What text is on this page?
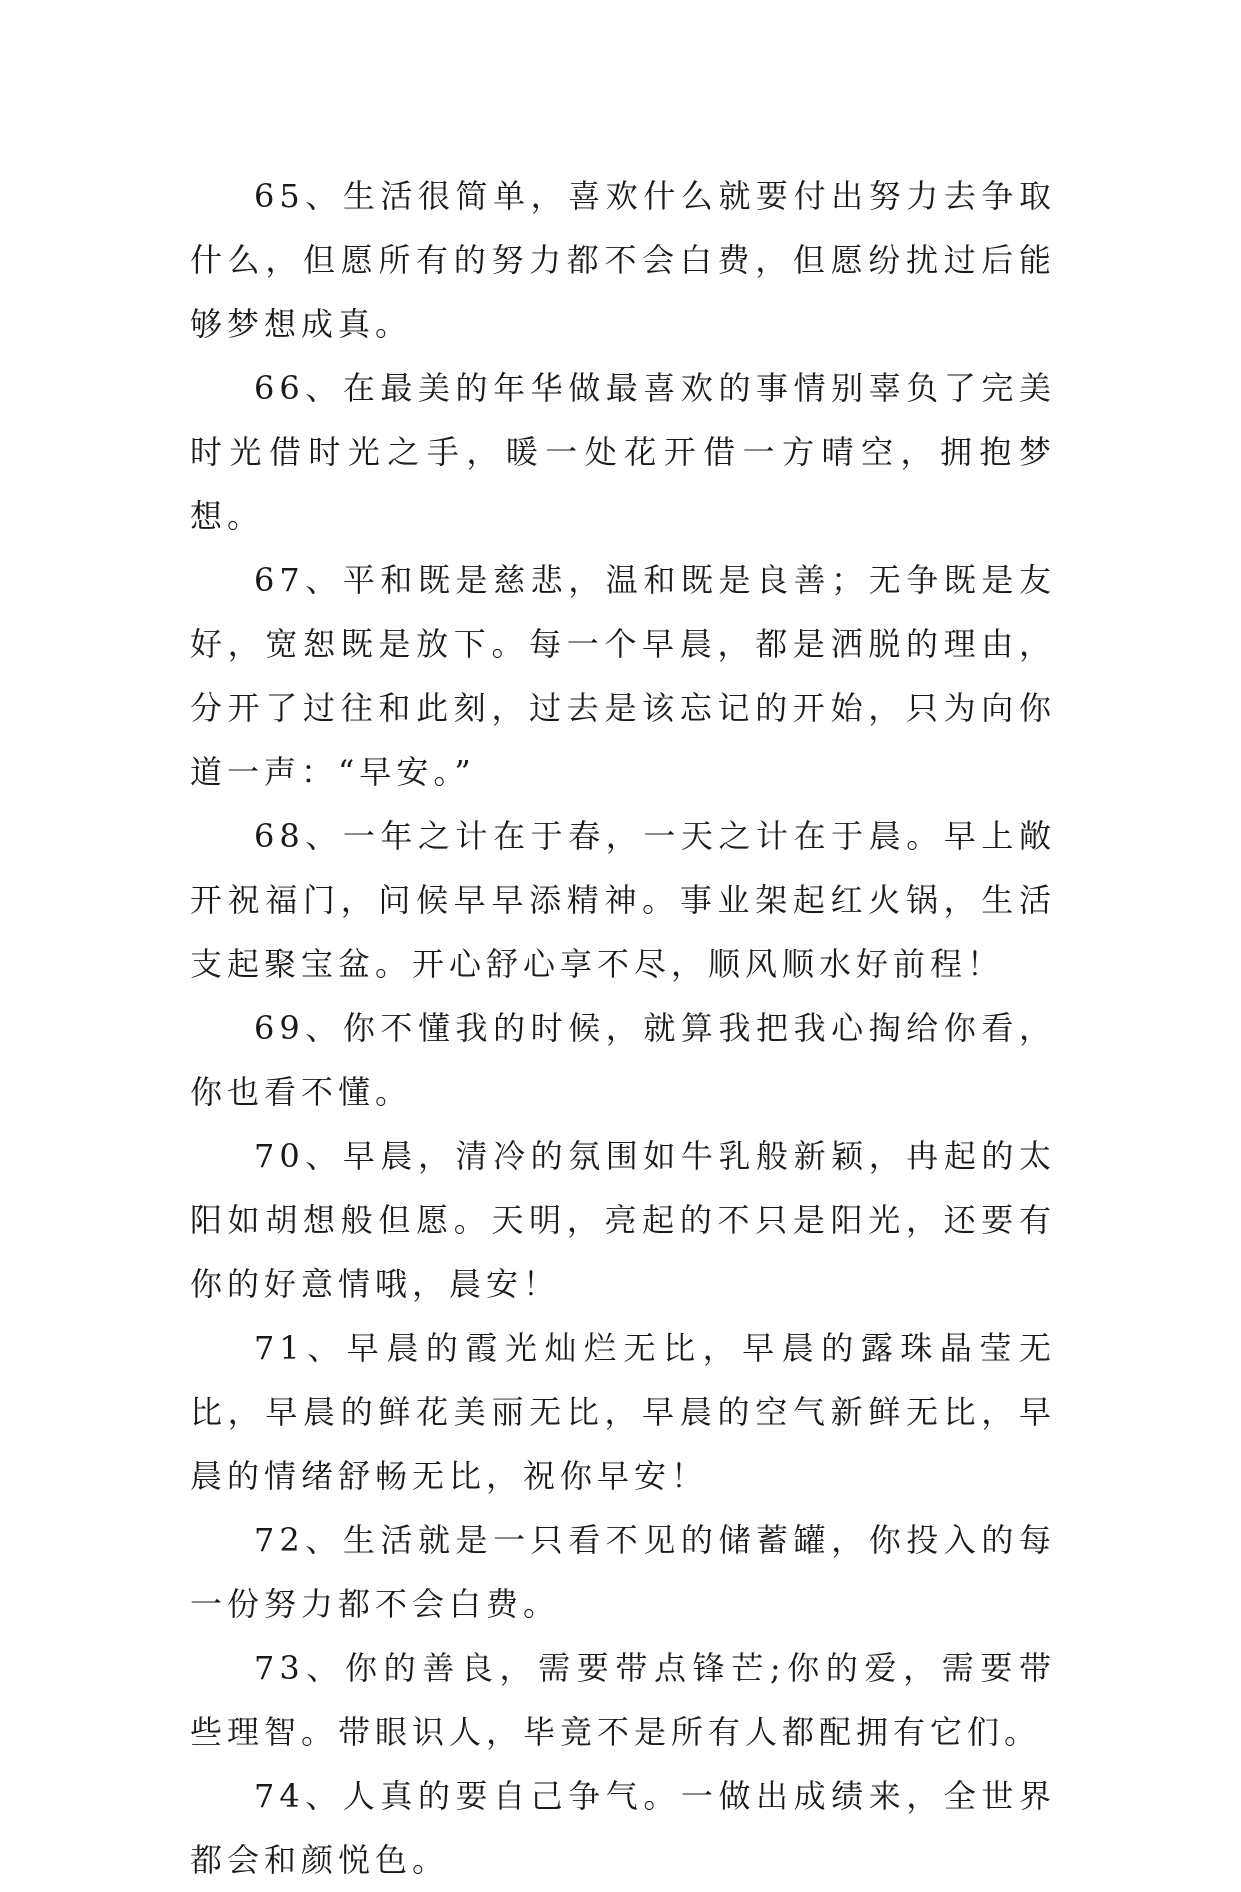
65、生活很简单，喜欢什么就要付出努力去争取什么，但愿所有的努力都不会白费，但愿纷扰过后能够梦想成真。

66、在最美的年华做最喜欢的事情别辜负了完美时光借时光之手，暖一处花开借一方晴空，拥抱梦想。

67、平和既是慈悲，温和既是良善；无争既是友好，宽恕既是放下。每一个早晨，都是洒脱的理由，分开了过往和此刻，过去是该忘记的开始，只为向你道一声：“早安。”

68、一年之计在于春，一天之计在于晨。早上敞开祝福门，问候早早添精神。事业架起红火锅，生活支起聚宝盆。开心舒心享不尽，顺风顺水好前程！

69、你不懂我的时候，就算我把我心掏给你看，你也看不懂。

70、早晨，清冷的氛围如牛乳般新颖，冉起的太阳如胡想般但愿。天明，亮起的不只是阳光，还要有你的好意情哦，晨安！

71、早晨的霞光灿烂无比，早晨的露珠晶莹无比，早晨的鲜花美丽无比，早晨的空气新鲜无比，早晨的情绪舒畅无比，祝你早安！

72、生活就是一只看不见的储蓄罐，你投入的每一份努力都不会白费。

73、你的善良，需要带点锋芒;你的爱，需要带些理智。带眼识人，毕竟不是所有人都配拥有它们。

74、人真的要自己争气。一做出成绩来，全世界都会和颜悦色。
